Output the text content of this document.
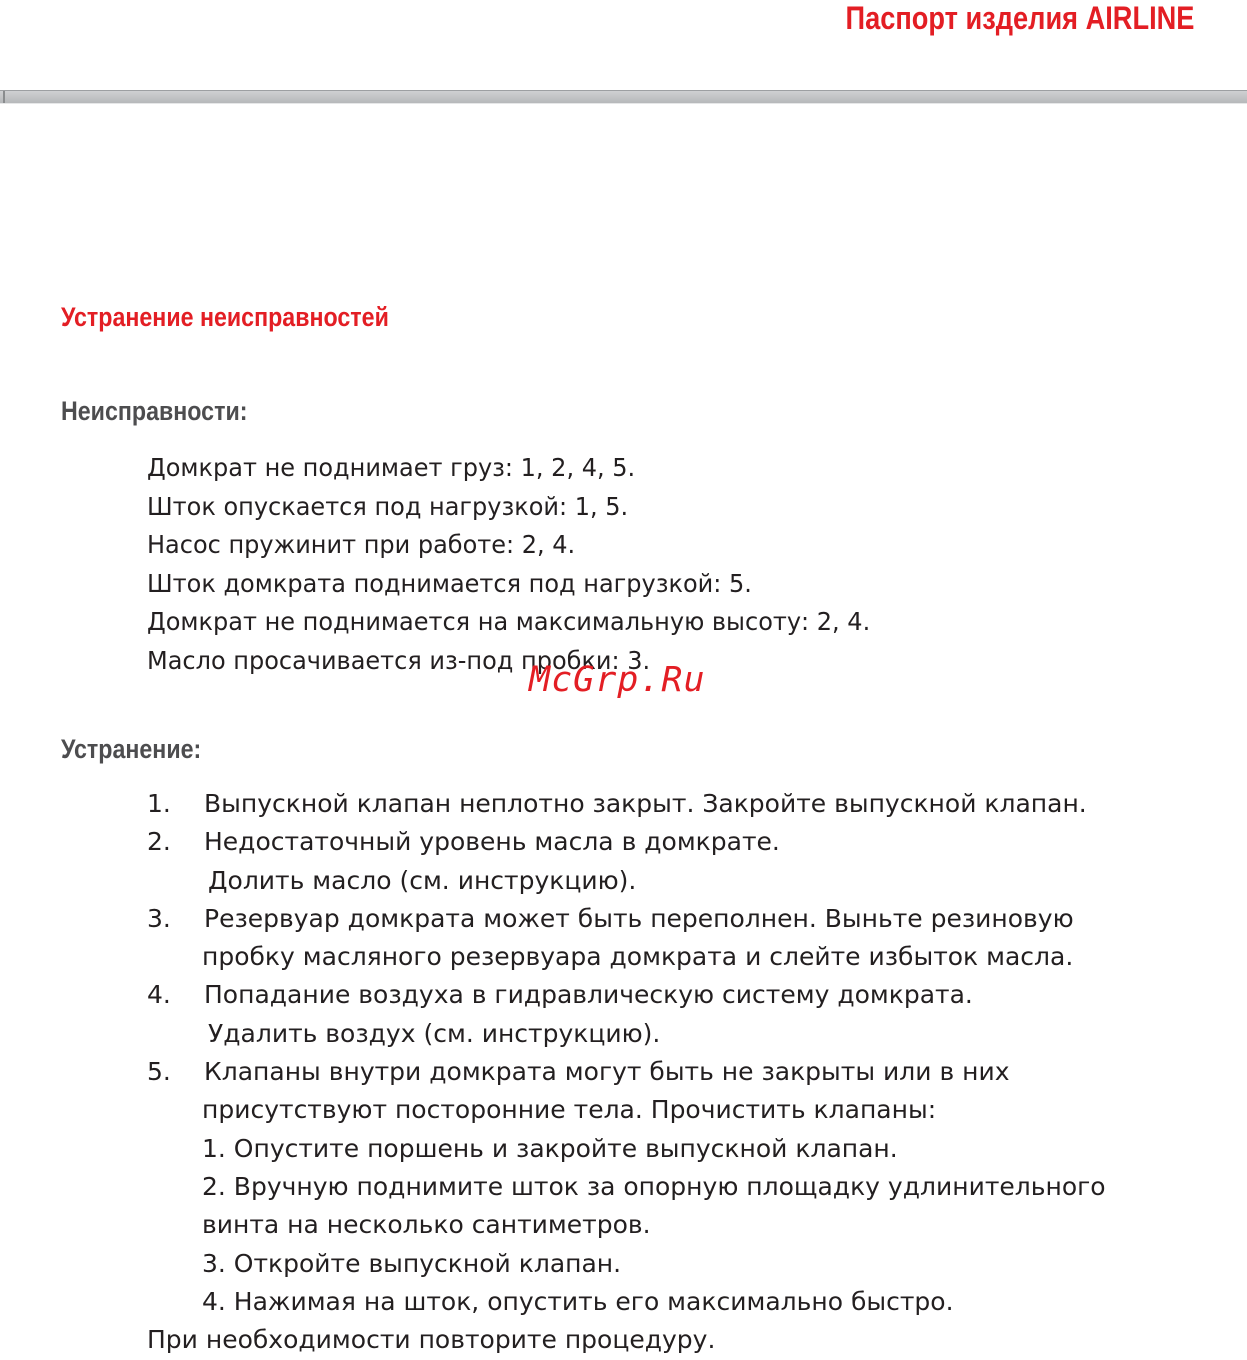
Паспорт изделия AIRLINE
Устранение неисправностей
Неисправности:
Домкрат не поднимает груз: 1, 2, 4, 5.
Шток опускается под нагрузкой: 1, 5.
Насос пружинит при работе: 2, 4.
Шток домкрата поднимается под нагрузкой: 5.
Домкрат не поднимается на максимальную высоту: 2, 4.
Масло просачивается из-под пробки: 3.
McGrp.Ru
Устранение:
1. Выпускной клапан неплотно закрыт. Закройте выпускной клапан.
2. Недостаточный уровень масла в домкрате.
Долить масло (см. инструкцию).
3. Резервуар домкрата может быть переполнен. Выньте резиновую
пробку масляного резервуара домкрата и слейте избыток масла.
4. Попадание воздуха в гидравлическую систему домкрата.
Удалить воздух (см. инструкцию).
5. Клапаны внутри домкрата могут быть не закрыты или в них
присутствуют посторонние тела. Прочистить клапаны:
1. Опустите поршень и закройте выпускной клапан.
2. Вручную поднимите шток за опорную площадку удлинительного
винта на несколько сантиметров.
3. Откройте выпускной клапан.
4. Нажимая на шток, опустить его максимально быстро.
При необходимости повторите процедуру.
